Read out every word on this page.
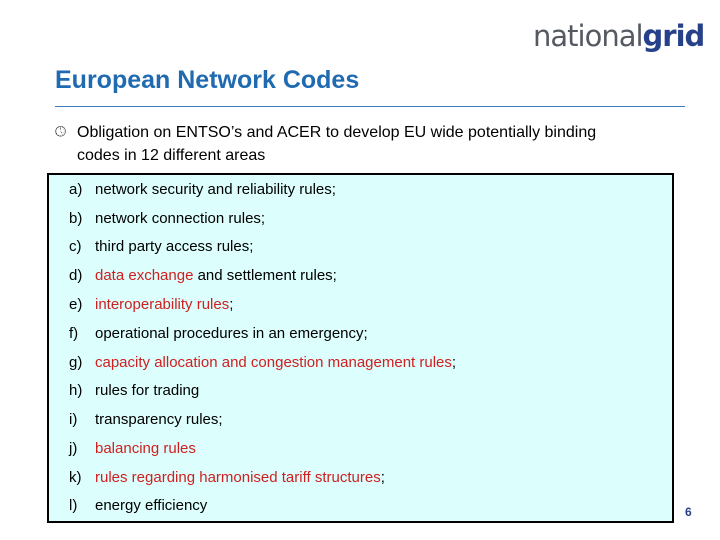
nationalgrid
European Network Codes
🕔︎ Obligation on ENTSO’s and ACER to develop EU wide potentially binding
codes in 12 different areas
a) network security and reliability rules;
b) network connection rules;
c) third party access rules;
d) data exchange and settlement rules;
e) interoperability rules;
f) operational procedures in an emergency;
g) capacity allocation and congestion management rules;
h) rules for trading
i) transparency rules;
j) balancing rules
k) rules regarding harmonised tariff structures;
l) energy efficiency	6
